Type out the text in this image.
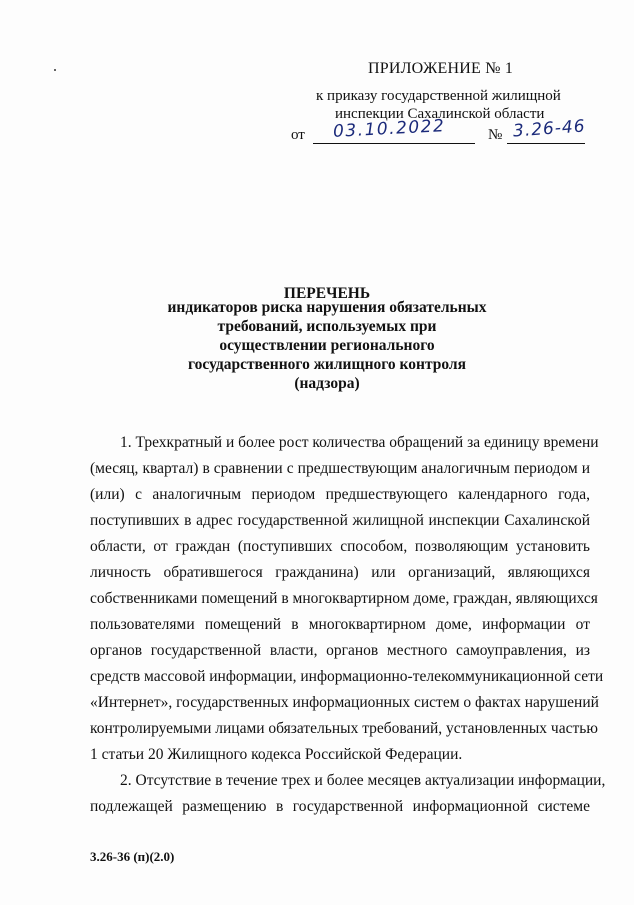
ПРИЛОЖЕНИЕ № 1
к приказу государственной жилищной
инспекции Сахалинской области
от 03.10.2022	№ 3.26-46
ПЕРЕЧЕНЬ
индикаторов риска нарушения обязательных
требований, используемых при
осуществлении регионального
государственного жилищного контроля
(надзора)
1. Трехкратный и более рост количества обращений за единицу времени
(месяц, квартал) в сравнении с предшествующим аналогичным периодом и
(или) с аналогичным периодом предшествующего календарного года,
поступивших в адрес государственной жилищной инспекции Сахалинской
области, от граждан (поступивших способом, позволяющим установить
личность обратившегося гражданина) или организаций, являющихся
собственниками помещений в многоквартирном доме, граждан, являющихся
пользователями помещений в многоквартирном доме, информации от
органов государственной власти, органов местного самоуправления, из
средств массовой информации, информационно-телекоммуникационной сети
«Интернет», государственных информационных систем о фактах нарушений
контролируемыми лицами обязательных требований, установленных частью
1 статьи 20 Жилищного кодекса Российской Федерации.
2. Отсутствие в течение трех и более месяцев актуализации информации,
подлежащей размещению в государственной информационной системе
3.26-36 (п)(2.0)
